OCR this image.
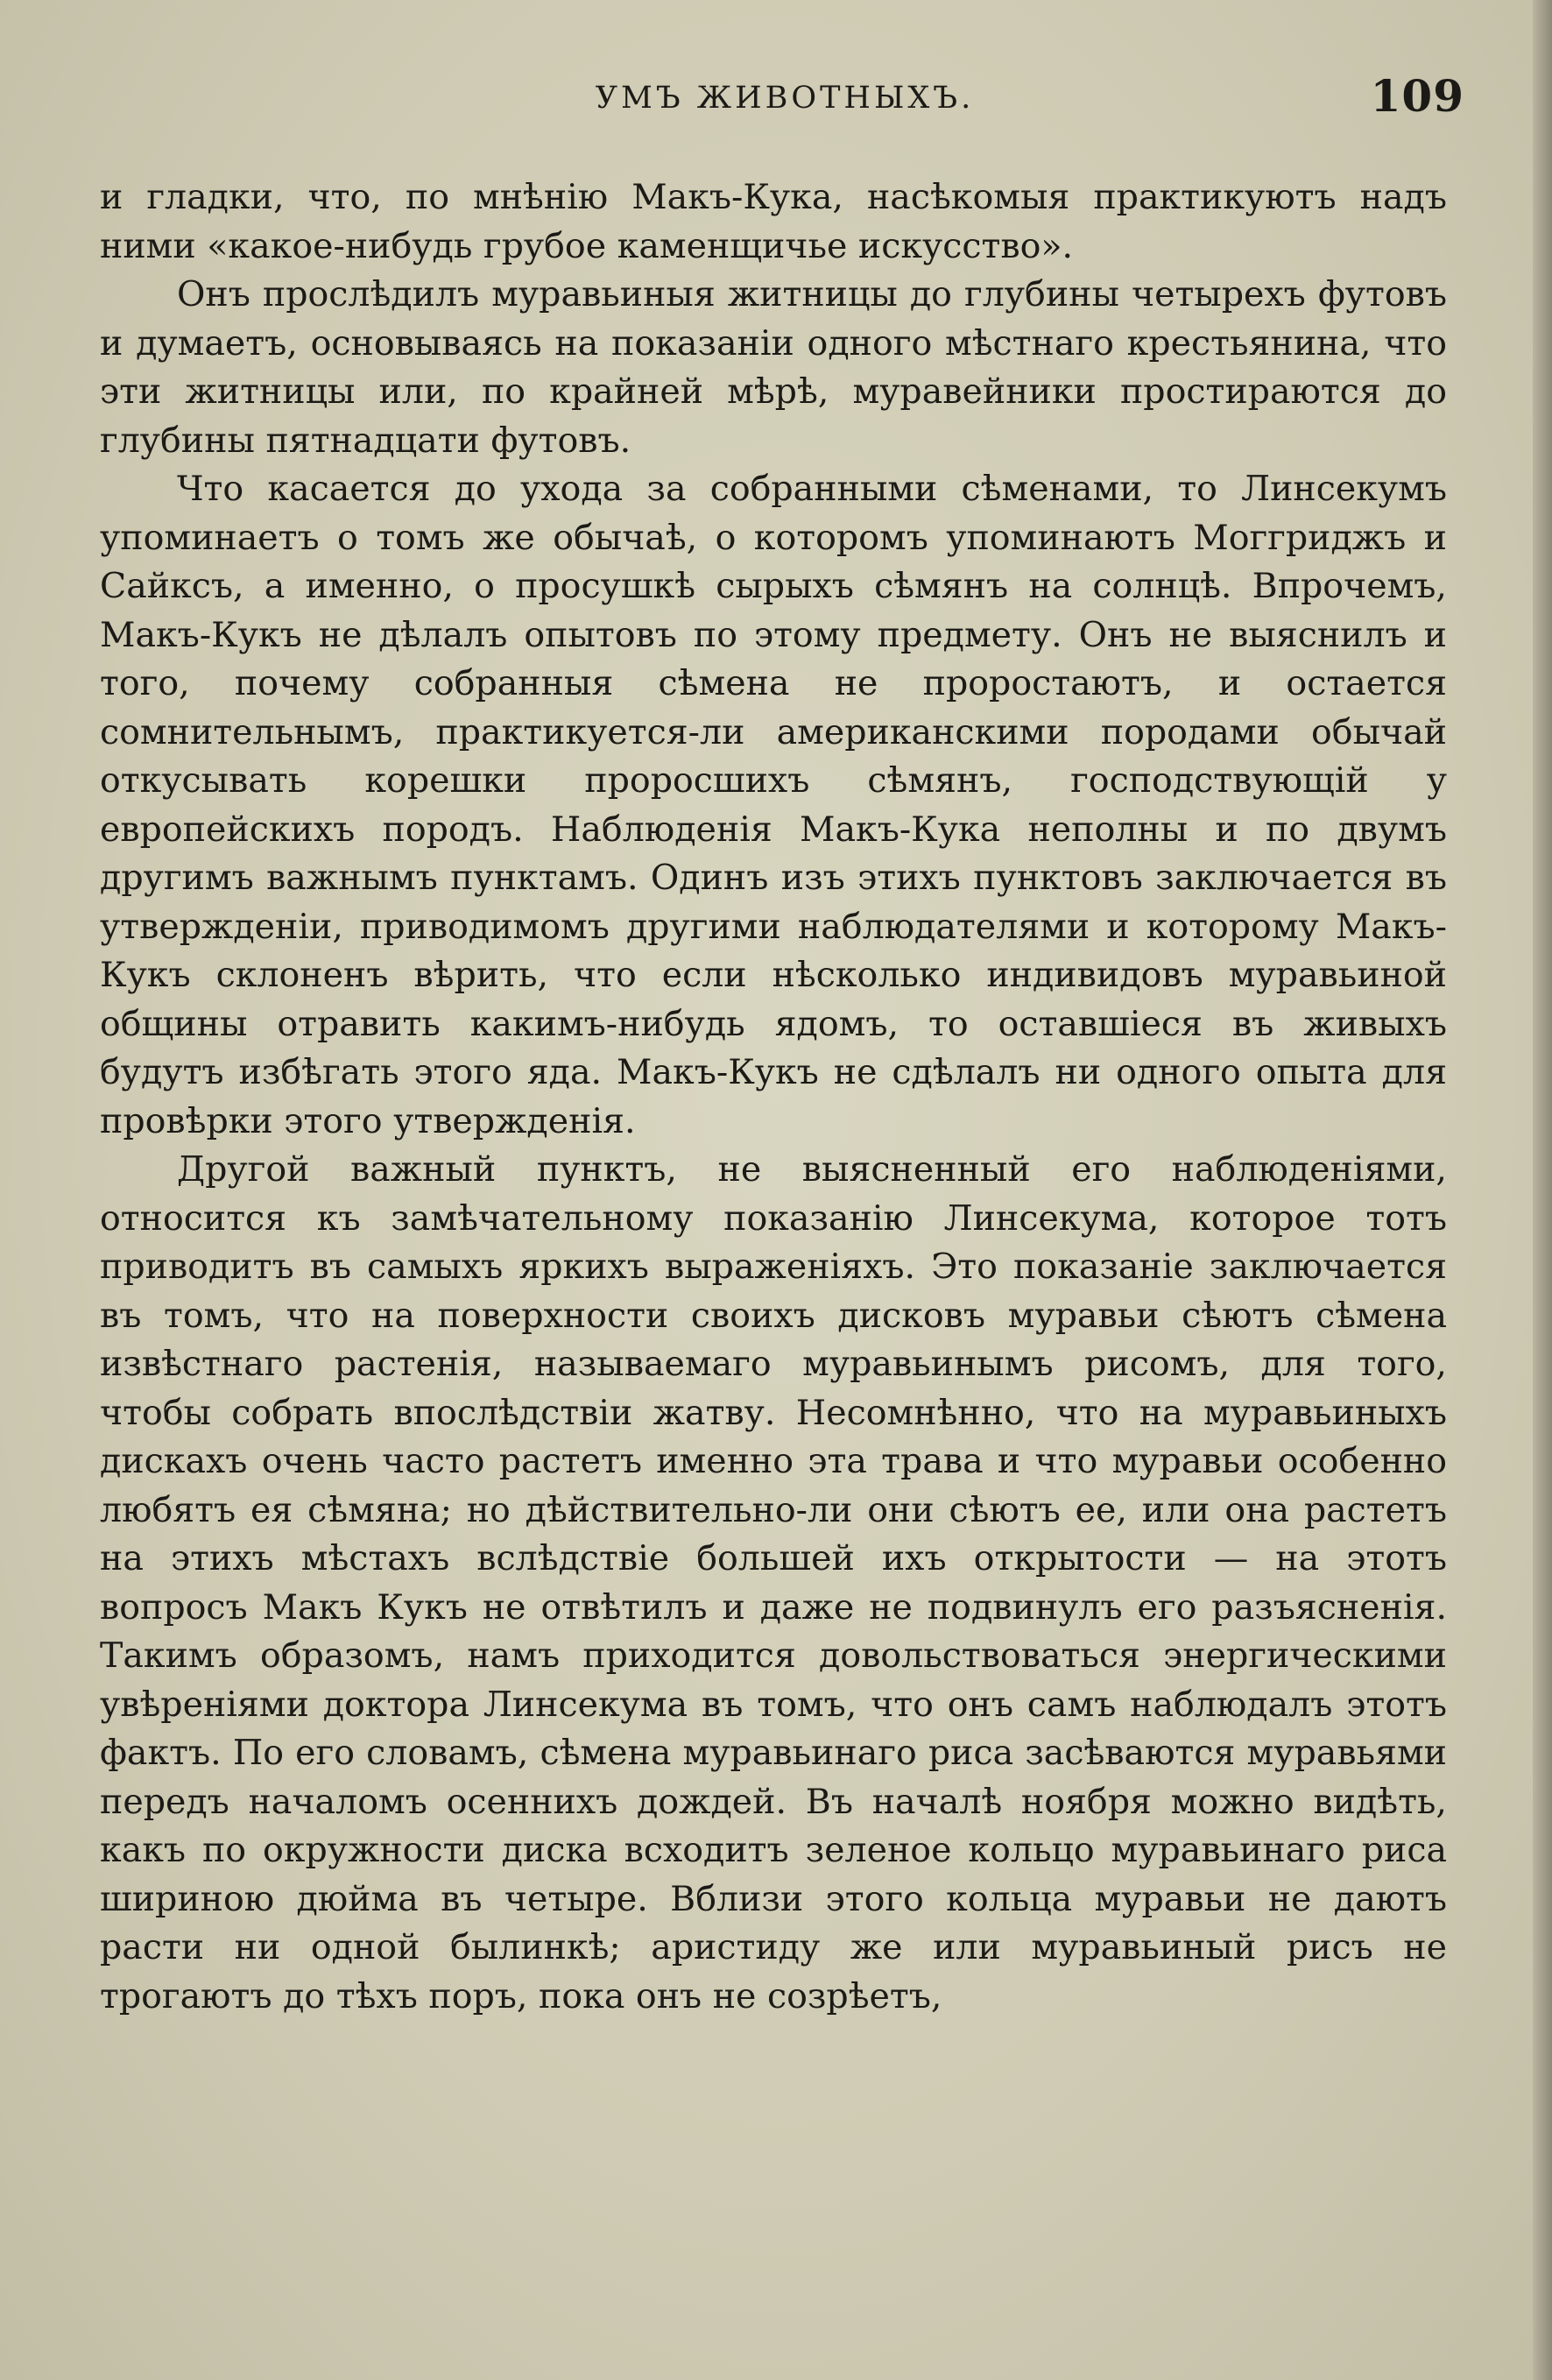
УМЪ ЖИВОТНЫХЪ.	109

и гладки, что, по мнѣнію Макъ-Кука, насѣкомыя практикуютъ надъ ними «какое-нибудь грубое каменщичье искусство».

Онъ прослѣдилъ муравьиныя житницы до глубины четырехъ футовъ и думаетъ, основываясь на показаніи одного мѣстнаго крестьянина, что эти житницы или, по крайней мѣрѣ, муравейники простираются до глубины пятнадцати футовъ.

Что касается до ухода за собранными сѣменами, то Линсекумъ упоминаетъ о томъ же обычаѣ, о которомъ упоминаютъ Моггриджъ и Сайксъ, а именно, о просушкѣ сырыхъ сѣмянъ на солнцѣ. Впрочемъ, Макъ-Кукъ не дѣлалъ опытовъ по этому предмету. Онъ не выяснилъ и того, почему собранныя сѣмена не проростаютъ, и остается сомнительнымъ, практикуется-ли американскими породами обычай откусывать корешки проросшихъ сѣмянъ, господствующій у европейскихъ породъ. Наблюденія Макъ-Кука неполны и по двумъ другимъ важнымъ пунктамъ. Одинъ изъ этихъ пунктовъ заключается въ утвержденіи, приводимомъ другими наблюдателями и которому Макъ-Кукъ склоненъ вѣрить, что если нѣсколько индивидовъ муравьиной общины отравить какимъ-нибудь ядомъ, то оставшіеся въ живыхъ будутъ избѣгать этого яда. Макъ-Кукъ не сдѣлалъ ни одного опыта для провѣрки этого утвержденія.

Другой важный пунктъ, не выясненный его наблюденіями, относится къ замѣчательному показанію Линсекума, которое тотъ приводитъ въ самыхъ яркихъ выраженіяхъ. Это показаніе заключается въ томъ, что на поверхности своихъ дисковъ муравьи сѣютъ сѣмена извѣстнаго растенія, называемаго муравьинымъ рисомъ, для того, чтобы собрать впослѣдствіи жатву. Несомнѣнно, что на муравьиныхъ дискахъ очень часто растетъ именно эта трава и что муравьи особенно любятъ ея сѣмяна; но дѣйствительно-ли они сѣютъ ее, или она растетъ на этихъ мѣстахъ вслѣдствіе большей ихъ открытости — на этотъ вопросъ Макъ Кукъ не отвѣтилъ и даже не подвинулъ его разъясненія. Такимъ образомъ, намъ приходится довольствоваться энергическими увѣреніями доктора Линсекума въ томъ, что онъ самъ наблюдалъ этотъ фактъ. По его словамъ, сѣмена муравьинаго риса засѣваются муравьями передъ началомъ осеннихъ дождей. Въ началѣ ноября можно видѣть, какъ по окружности диска всходитъ зеленое кольцо муравьинаго риса шириною дюйма въ четыре. Вблизи этого кольца муравьи не даютъ расти ни одной былинкѣ; аристиду же или муравьиный рисъ не трогаютъ до тѣхъ поръ, пока онъ не созрѣетъ,
